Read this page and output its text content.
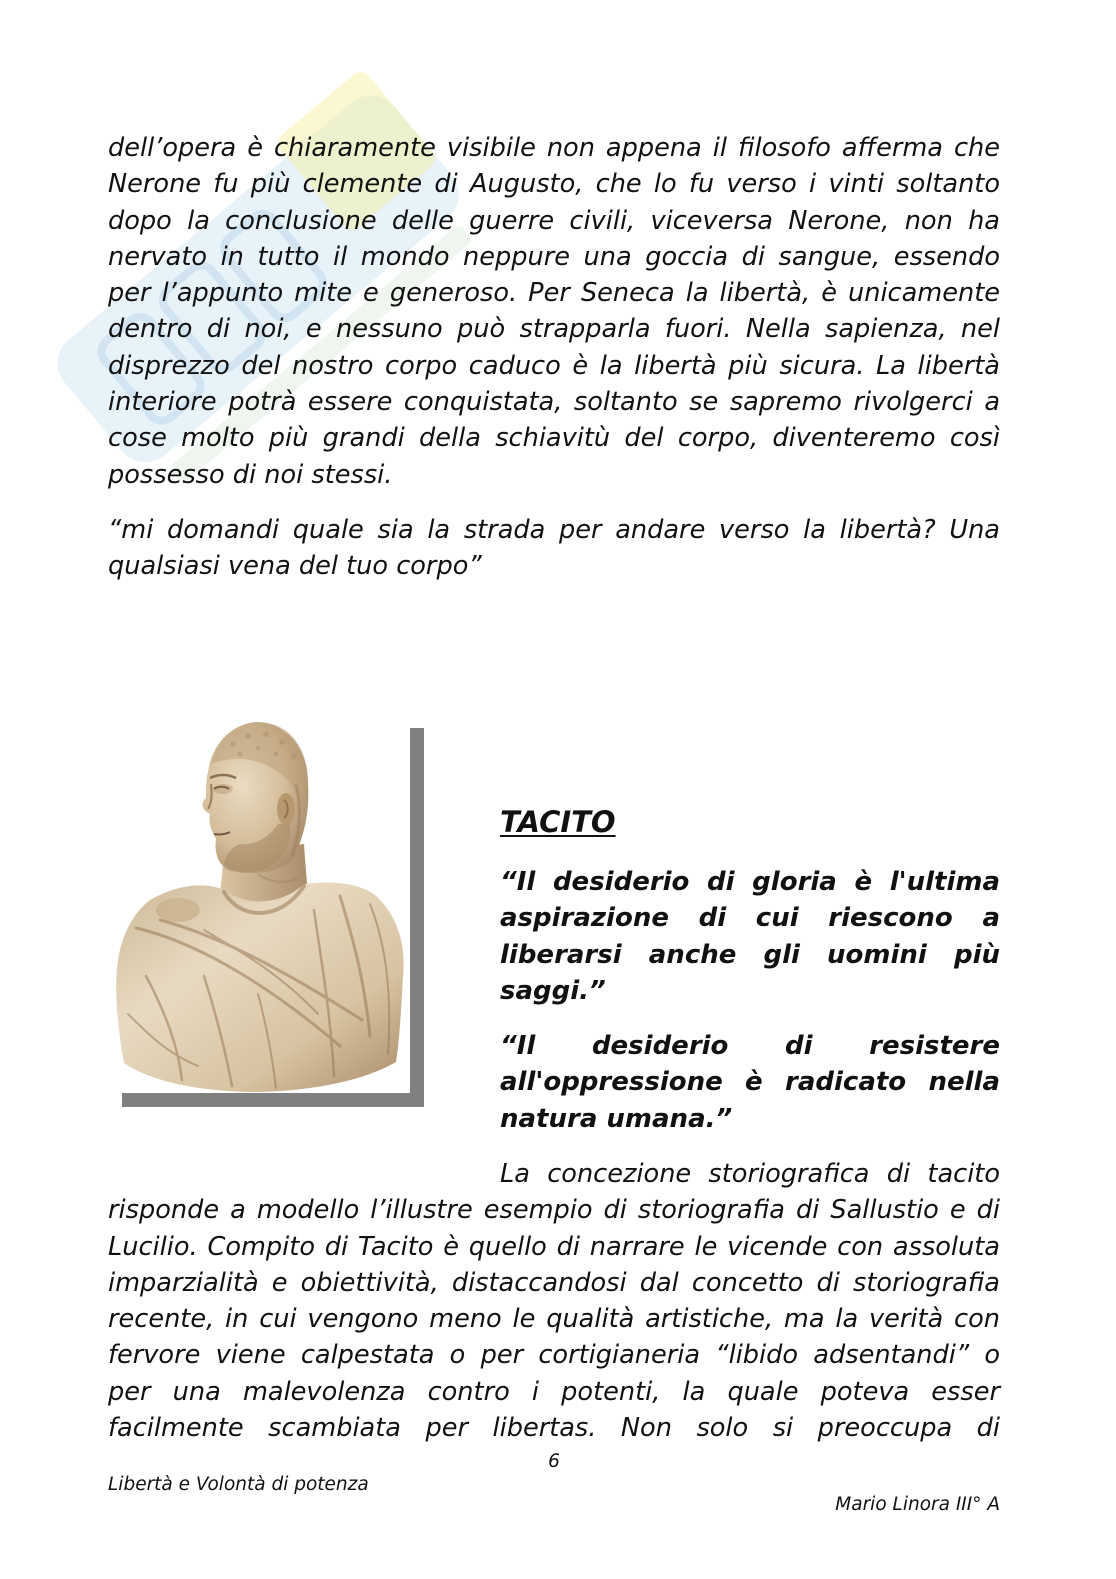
dell’opera è chiaramente visibile non appena il filosofo afferma che
Nerone fu più clemente di Augusto, che lo fu verso i vinti soltanto
dopo la conclusione delle guerre civili, viceversa Nerone, non ha
nervato in tutto il mondo neppure una goccia di sangue, essendo
per l’appunto mite e generoso. Per Seneca la libertà, è unicamente
dentro di noi, e nessuno può strapparla fuori. Nella sapienza, nel
disprezzo del nostro corpo caduco è la libertà più sicura. La libertà
interiore potrà essere conquistata, soltanto se sapremo rivolgerci a
cose molto più grandi della schiavitù del corpo, diventeremo così
possesso di noi stessi.
“mi domandi quale sia la strada per andare verso la libertà? Una
qualsiasi vena del tuo corpo”
TACITO
“Il desiderio di gloria è l'ultima
aspirazione di cui riescono a
liberarsi anche gli uomini più
saggi.”
“Il desiderio di resistere
all'oppressione è radicato nella
natura umana.”
La concezione storiografica di tacito
risponde a modello l’illustre esempio di storiografia di Sallustio e di
Lucilio. Compito di Tacito è quello di narrare le vicende con assoluta
imparzialità e obiettività, distaccandosi dal concetto di storiografia
recente, in cui vengono meno le qualità artistiche, ma la verità con
fervore viene calpestata o per cortigianeria “libido adsentandi” o
per una malevolenza contro i potenti, la quale poteva esser
facilmente scambiata per libertas. Non solo si preoccupa di
6
Libertà e Volontà di potenza
Mario Linora III° A
